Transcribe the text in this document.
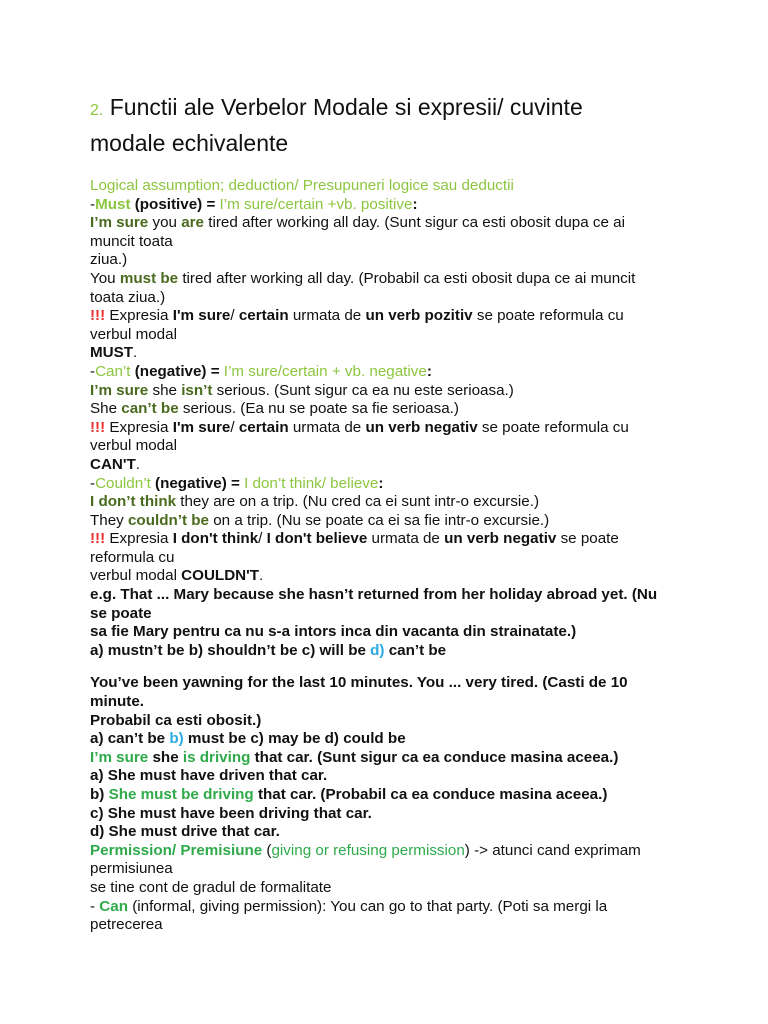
2. Functii ale Verbelor Modale si expresii/ cuvinte
modale echivalente
Logical assumption; deduction/ Presupuneri logice sau deductii
-Must (positive) = I’m sure/certain +vb. positive:
I’m sure you are tired after working all day. (Sunt sigur ca esti obosit dupa ce ai
muncit toata
ziua.)
You must be tired after working all day. (Probabil ca esti obosit dupa ce ai muncit
toata ziua.)
!!! Expresia I'm sure/ certain urmata de un verb pozitiv se poate reformula cu
verbul modal
MUST.
-Can’t (negative) = I’m sure/certain + vb. negative:
I’m sure she isn’t serious. (Sunt sigur ca ea nu este serioasa.)
She can’t be serious. (Ea nu se poate sa fie serioasa.)
!!! Expresia I'm sure/ certain urmata de un verb negativ se poate reformula cu
verbul modal
CAN'T.
-Couldn’t (negative) = I don’t think/ believe:
I don’t think they are on a trip. (Nu cred ca ei sunt intr-o excursie.)
They couldn’t be on a trip. (Nu se poate ca ei sa fie intr-o excursie.)
!!! Expresia I don't think/ I don't believe urmata de un verb negativ se poate
reformula cu
verbul modal COULDN'T.
e.g. That ... Mary because she hasn’t returned from her holiday abroad yet. (Nu
se poate
sa fie Mary pentru ca nu s-a intors inca din vacanta din strainatate.)
a) mustn’t be b) shouldn’t be c) will be d) can’t be
You’ve been yawning for the last 10 minutes. You ... very tired. (Casti de 10
minute.
Probabil ca esti obosit.)
a) can’t be b) must be c) may be d) could be
I’m sure she is driving that car. (Sunt sigur ca ea conduce masina aceea.)
a) She must have driven that car.
b) She must be driving that car. (Probabil ca ea conduce masina aceea.)
c) She must have been driving that car.
d) She must drive that car.
Permission/ Premisiune (giving or refusing permission) -> atunci cand exprimam
permisiunea
se tine cont de gradul de formalitate
- Can (informal, giving permission): You can go to that party. (Poti sa mergi la
petrecerea
